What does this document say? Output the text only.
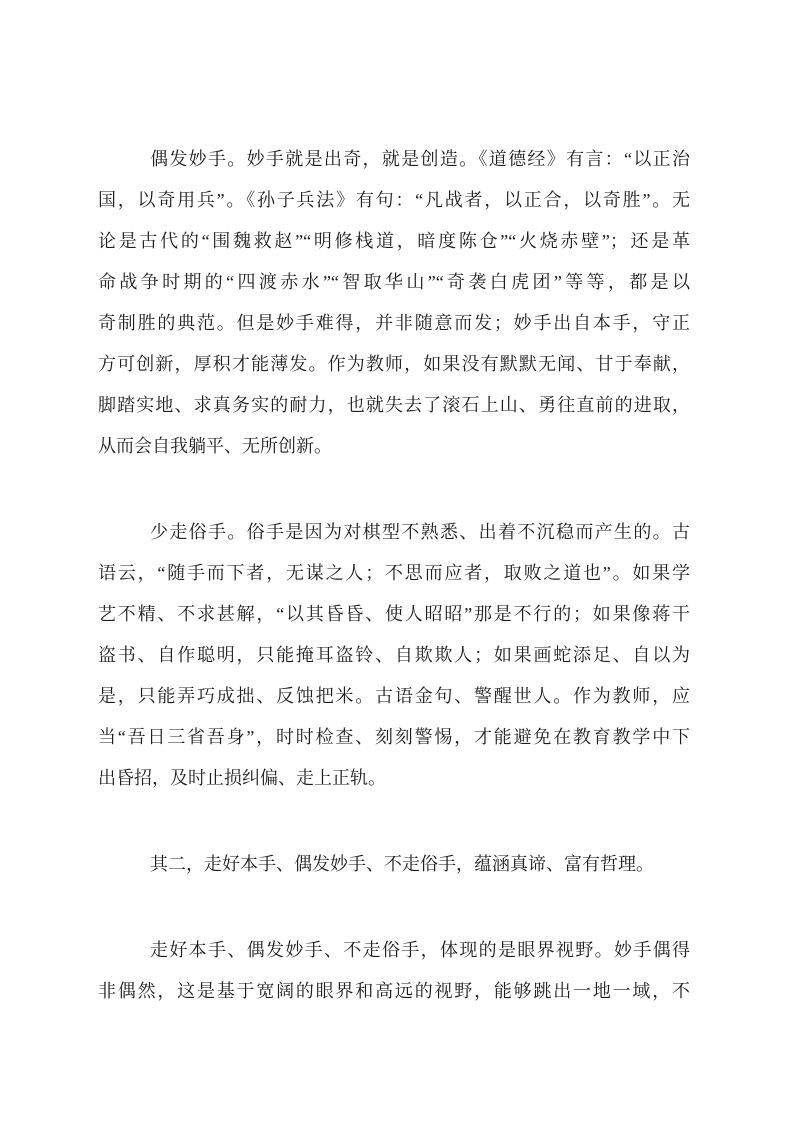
偶发妙手。妙手就是出奇，就是创造。《道德经》有言：“以正治
国，以奇用兵”。《孙子兵法》有句：“凡战者，以正合，以奇胜”。无
论是古代的“围魏救赵”“明修栈道，暗度陈仓”“火烧赤壁”；还是革
命战争时期的“四渡赤水”“智取华山”“奇袭白虎团”等等，都是以
奇制胜的典范。但是妙手难得，并非随意而发；妙手出自本手，守正
方可创新，厚积才能薄发。作为教师，如果没有默默无闻、甘于奉献，
脚踏实地、求真务实的耐力，也就失去了滚石上山、勇往直前的进取，
从而会自我躺平、无所创新。

少走俗手。俗手是因为对棋型不熟悉、出着不沉稳而产生的。古
语云，“随手而下者，无谋之人；不思而应者，取败之道也”。如果学
艺不精、不求甚解，“以其昏昏、使人昭昭”那是不行的；如果像蒋干
盗书、自作聪明，只能掩耳盗铃、自欺欺人；如果画蛇添足、自以为
是，只能弄巧成拙、反蚀把米。古语金句、警醒世人。作为教师，应
当“吾日三省吾身”，时时检查、刻刻警惕，才能避免在教育教学中下
出昏招，及时止损纠偏、走上正轨。

其二，走好本手、偶发妙手、不走俗手，蕴涵真谛、富有哲理。

走好本手、偶发妙手、不走俗手，体现的是眼界视野。妙手偶得
非偶然，这是基于宽阔的眼界和高远的视野，能够跳出一地一域，不
